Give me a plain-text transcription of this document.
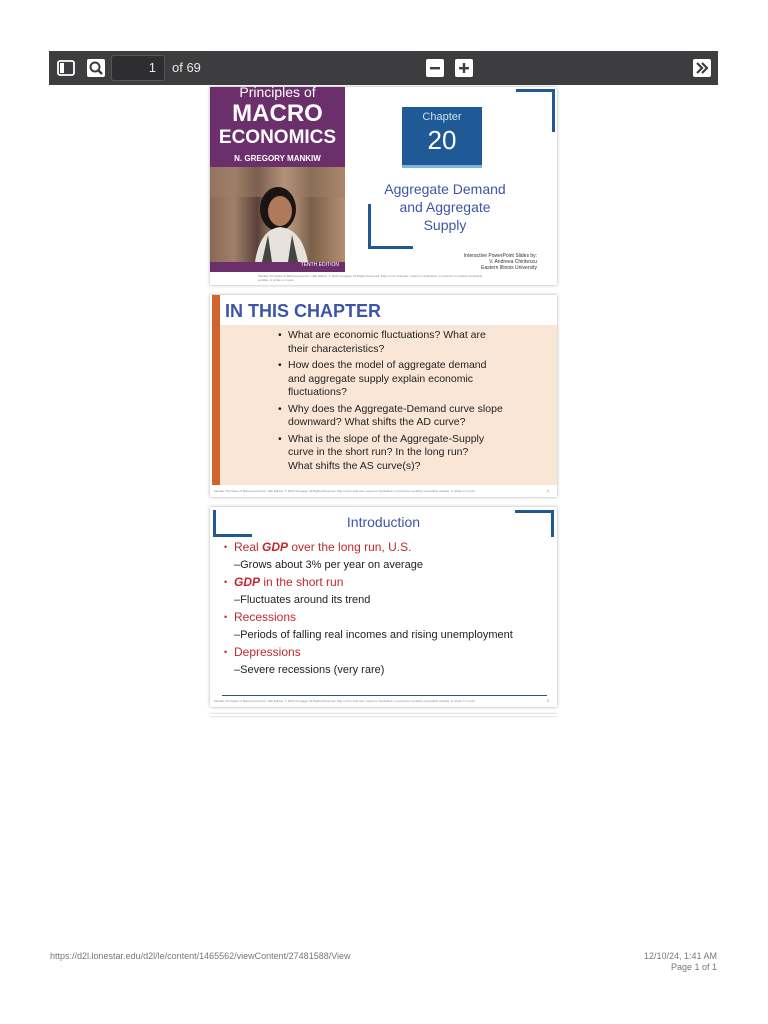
1	of 69
Principles of
MACRO
ECONOMICS
N. GREGORY MANKIW
TENTH EDITION
Mankiw, Principles of Macroeconomics, 10th Edition. © 2024 Cengage. All Rights Reserved. May not be scanned, copied or duplicated, or posted to a publicly accessible website, in whole or in part.
Chapter
20
Aggregate Demand
and Aggregate
Supply
Interactive PowerPoint Slides by:
V. Andreea Chiritescu
Eastern Illinois University
IN THIS CHAPTER
• What are economic fluctuations? What are
their characteristics?
• How does the model of aggregate demand
and aggregate supply explain economic
fluctuations?
• Why does the Aggregate-Demand curve slope
downward? What shifts the AD curve?
• What is the slope of the Aggregate-Supply
curve in the short run? In the long run?
What shifts the AS curve(s)?
Mankiw, Principles of Macroeconomics, 10th Edition. © 2024 Cengage. All Rights Reserved. May not be scanned, copied or duplicated, or posted to a publicly accessible website, in whole or in part.	2
Introduction
• Real GDP over the long run, U.S.
–Grows about 3% per year on average
• GDP in the short run
–Fluctuates around its trend
• Recessions
–Periods of falling real incomes and rising unemployment
• Depressions
–Severe recessions (very rare)
Mankiw, Principles of Macroeconomics, 10th Edition. © 2024 Cengage. All Rights Reserved. May not be scanned, copied or duplicated, or posted to a publicly accessible website, in whole or in part.	3
https://d2l.lonestar.edu/d2l/le/content/1465562/viewContent/27481588/View	12/10/24, 1:41 AM
Page 1 of 1
